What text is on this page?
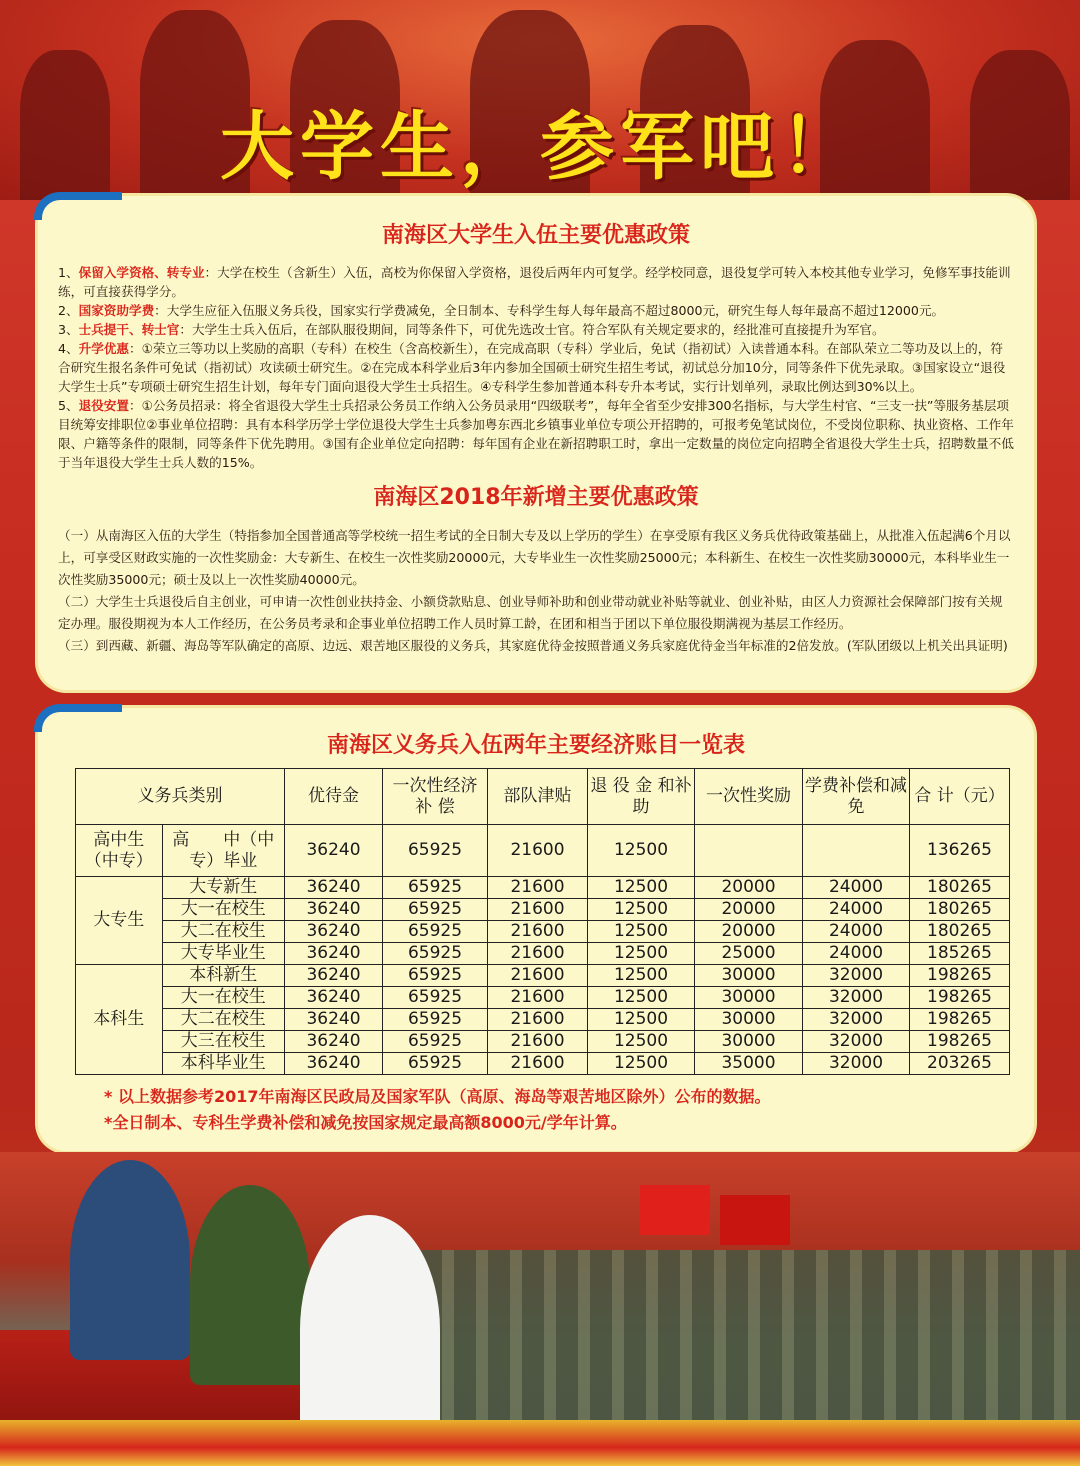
大学生，参军吧！
南海区大学生入伍主要优惠政策

1、保留入学资格、转专业：大学在校生（含新生）入伍，高校为你保留入学资格，退役后两年内可复学。经学校同意，退役复学可转入本校其他专业学习，免修军事技能训练，可直接获得学分。

2、国家资助学费：大学生应征入伍服义务兵役，国家实行学费减免，全日制本、专科学生每人每年最高不超过8000元，研究生每人每年最高不超过12000元。

3、士兵提干、转士官：大学生士兵入伍后，在部队服役期间，同等条件下，可优先选改士官。符合军队有关规定要求的，经批准可直接提升为军官。

4、升学优惠：①荣立三等功以上奖励的高职（专科）在校生（含高校新生），在完成高职（专科）学业后，免试（指初试）入读普通本科。在部队荣立二等功及以上的，符合研究生报名条件可免试（指初试）攻读硕士研究生。②在完成本科学业后3年内参加全国硕士研究生招生考试，初试总分加10分，同等条件下优先录取。③国家设立“退役大学生士兵”专项硕士研究生招生计划，每年专门面向退役大学生士兵招生。④专科学生参加普通本科专升本考试，实行计划单列，录取比例达到30%以上。

5、退役安置：①公务员招录：将全省退役大学生士兵招录公务员工作纳入公务员录用“四级联考”，每年全省至少安排300名指标，与大学生村官、“三支一扶”等服务基层项目统筹安排职位②事业单位招聘：具有本科学历学士学位退役大学生士兵参加粤东西北乡镇事业单位专项公开招聘的，可报考免笔试岗位，不受岗位职称、执业资格、工作年限、户籍等条件的限制，同等条件下优先聘用。③国有企业单位定向招聘：每年国有企业在新招聘职工时，拿出一定数量的岗位定向招聘全省退役大学生士兵，招聘数量不低于当年退役大学生士兵人数的15%。

南海区2018年新增主要优惠政策

（一）从南海区入伍的大学生（特指参加全国普通高等学校统一招生考试的全日制大专及以上学历的学生）在享受原有我区义务兵优待政策基础上，从批准入伍起满6个月以上，可享受区财政实施的一次性奖励金：大专新生、在校生一次性奖励20000元，大专毕业生一次性奖励25000元；本科新生、在校生一次性奖励30000元，本科毕业生一次性奖励35000元；硕士及以上一次性奖励40000元。

（二）大学生士兵退役后自主创业，可申请一次性创业扶持金、小额贷款贴息、创业导师补助和创业带动就业补贴等就业、创业补贴，由区人力资源社会保障部门按有关规定办理。服役期视为本人工作经历，在公务员考录和企事业单位招聘工作人员时算工龄，在团和相当于团以下单位服役期满视为基层工作经历。

（三）到西藏、新疆、海岛等军队确定的高原、边远、艰苦地区服役的义务兵，其家庭优待金按照普通义务兵家庭优待金当年标准的2倍发放。(军队团级以上机关出具证明)

南海区义务兵入伍两年主要经济账目一览表
义务兵类别		优待金	一次性经济补 偿	部队津贴	退 役 金 和补助	一次性奖励	学费补偿和减 免	合 计（元）
高中生（中专）	高　　中（中专）毕业	36240	65925	21600	12500			136265
大专生	大专新生	36240	65925	21600	12500	20000	24000	180265
	大一在校生	36240	65925	21600	12500	20000	24000	180265
	大二在校生	36240	65925	21600	12500	20000	24000	180265
	大专毕业生	36240	65925	21600	12500	25000	24000	185265
本科生	本科新生	36240	65925	21600	12500	30000	32000	198265
	大一在校生	36240	65925	21600	12500	30000	32000	198265
	大二在校生	36240	65925	21600	12500	30000	32000	198265
	大三在校生	36240	65925	21600	12500	30000	32000	198265
	本科毕业生	36240	65925	21600	12500	35000	32000	203265
* 以上数据参考2017年南海区民政局及国家军队（高原、海岛等艰苦地区除外）公布的数据。
*全日制本、专科生学费补偿和减免按国家规定最高额8000元/学年计算。
